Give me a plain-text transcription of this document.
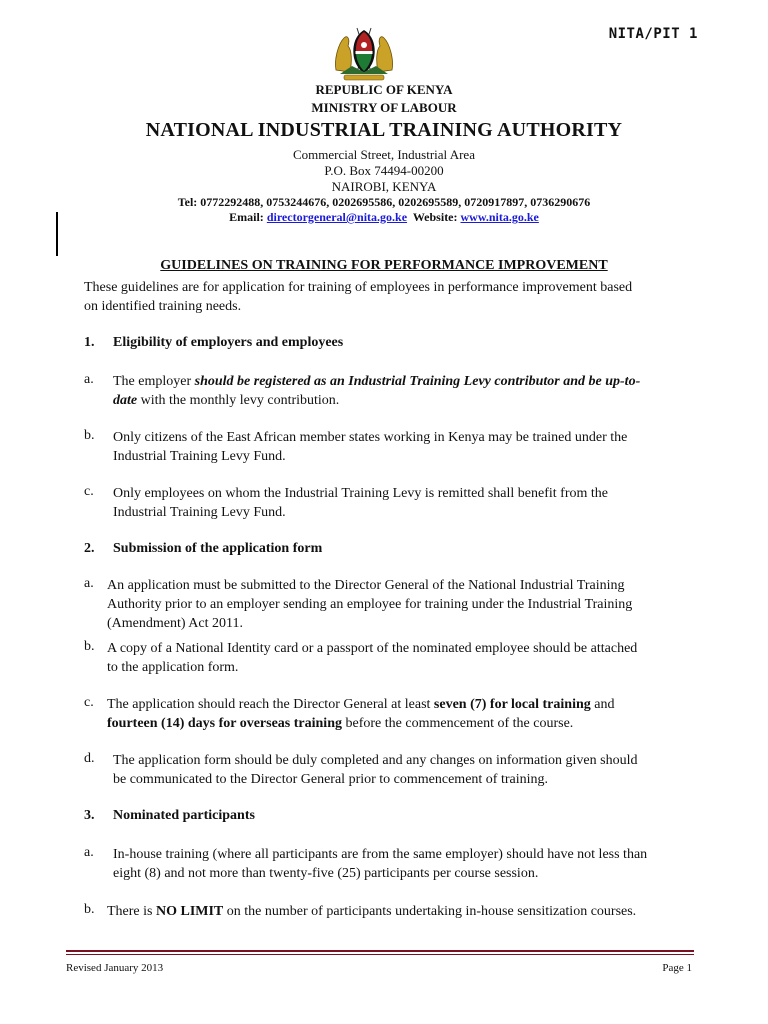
NITA/PIT 1
REPUBLIC OF KENYA
MINISTRY OF LABOUR
NATIONAL INDUSTRIAL TRAINING AUTHORITY
Commercial Street, Industrial Area
P.O. Box 74494-00200
NAIROBI, KENYA
Tel: 0772292488, 0753244676, 0202695586, 0202695589, 0720917897, 0736290676
Email: directorgeneral@nita.go.ke  Website: www.nita.go.ke
GUIDELINES ON TRAINING FOR PERFORMANCE IMPROVEMENT
These guidelines are for application for training of employees in performance improvement based
on identified training needs.
1. Eligibility of employers and employees
a. The employer should be registered as an Industrial Training Levy contributor and be up-to-
date with the monthly levy contribution.
b. Only citizens of the East African member states working in Kenya may be trained under the
Industrial Training Levy Fund.
c. Only employees on whom the Industrial Training Levy is remitted shall benefit from the
Industrial Training Levy Fund.
2. Submission of the application form
a. An application must be submitted to the Director General of the National Industrial Training
Authority prior to an employer sending an employee for training under the Industrial Training
(Amendment) Act 2011.
b. A copy of a National Identity card or a passport of the nominated employee should be attached
to the application form.
c. The application should reach the Director General at least seven (7) for local training and
fourteen (14) days for overseas training before the commencement of the course.
d. The application form should be duly completed and any changes on information given should
be communicated to the Director General prior to commencement of training.
3. Nominated participants
a. In-house training (where all participants are from the same employer) should have not less than
eight (8) and not more than twenty-five (25) participants per course session.
b. There is NO LIMIT on the number of participants undertaking in-house sensitization courses.
Revised January 2013	Page 1
